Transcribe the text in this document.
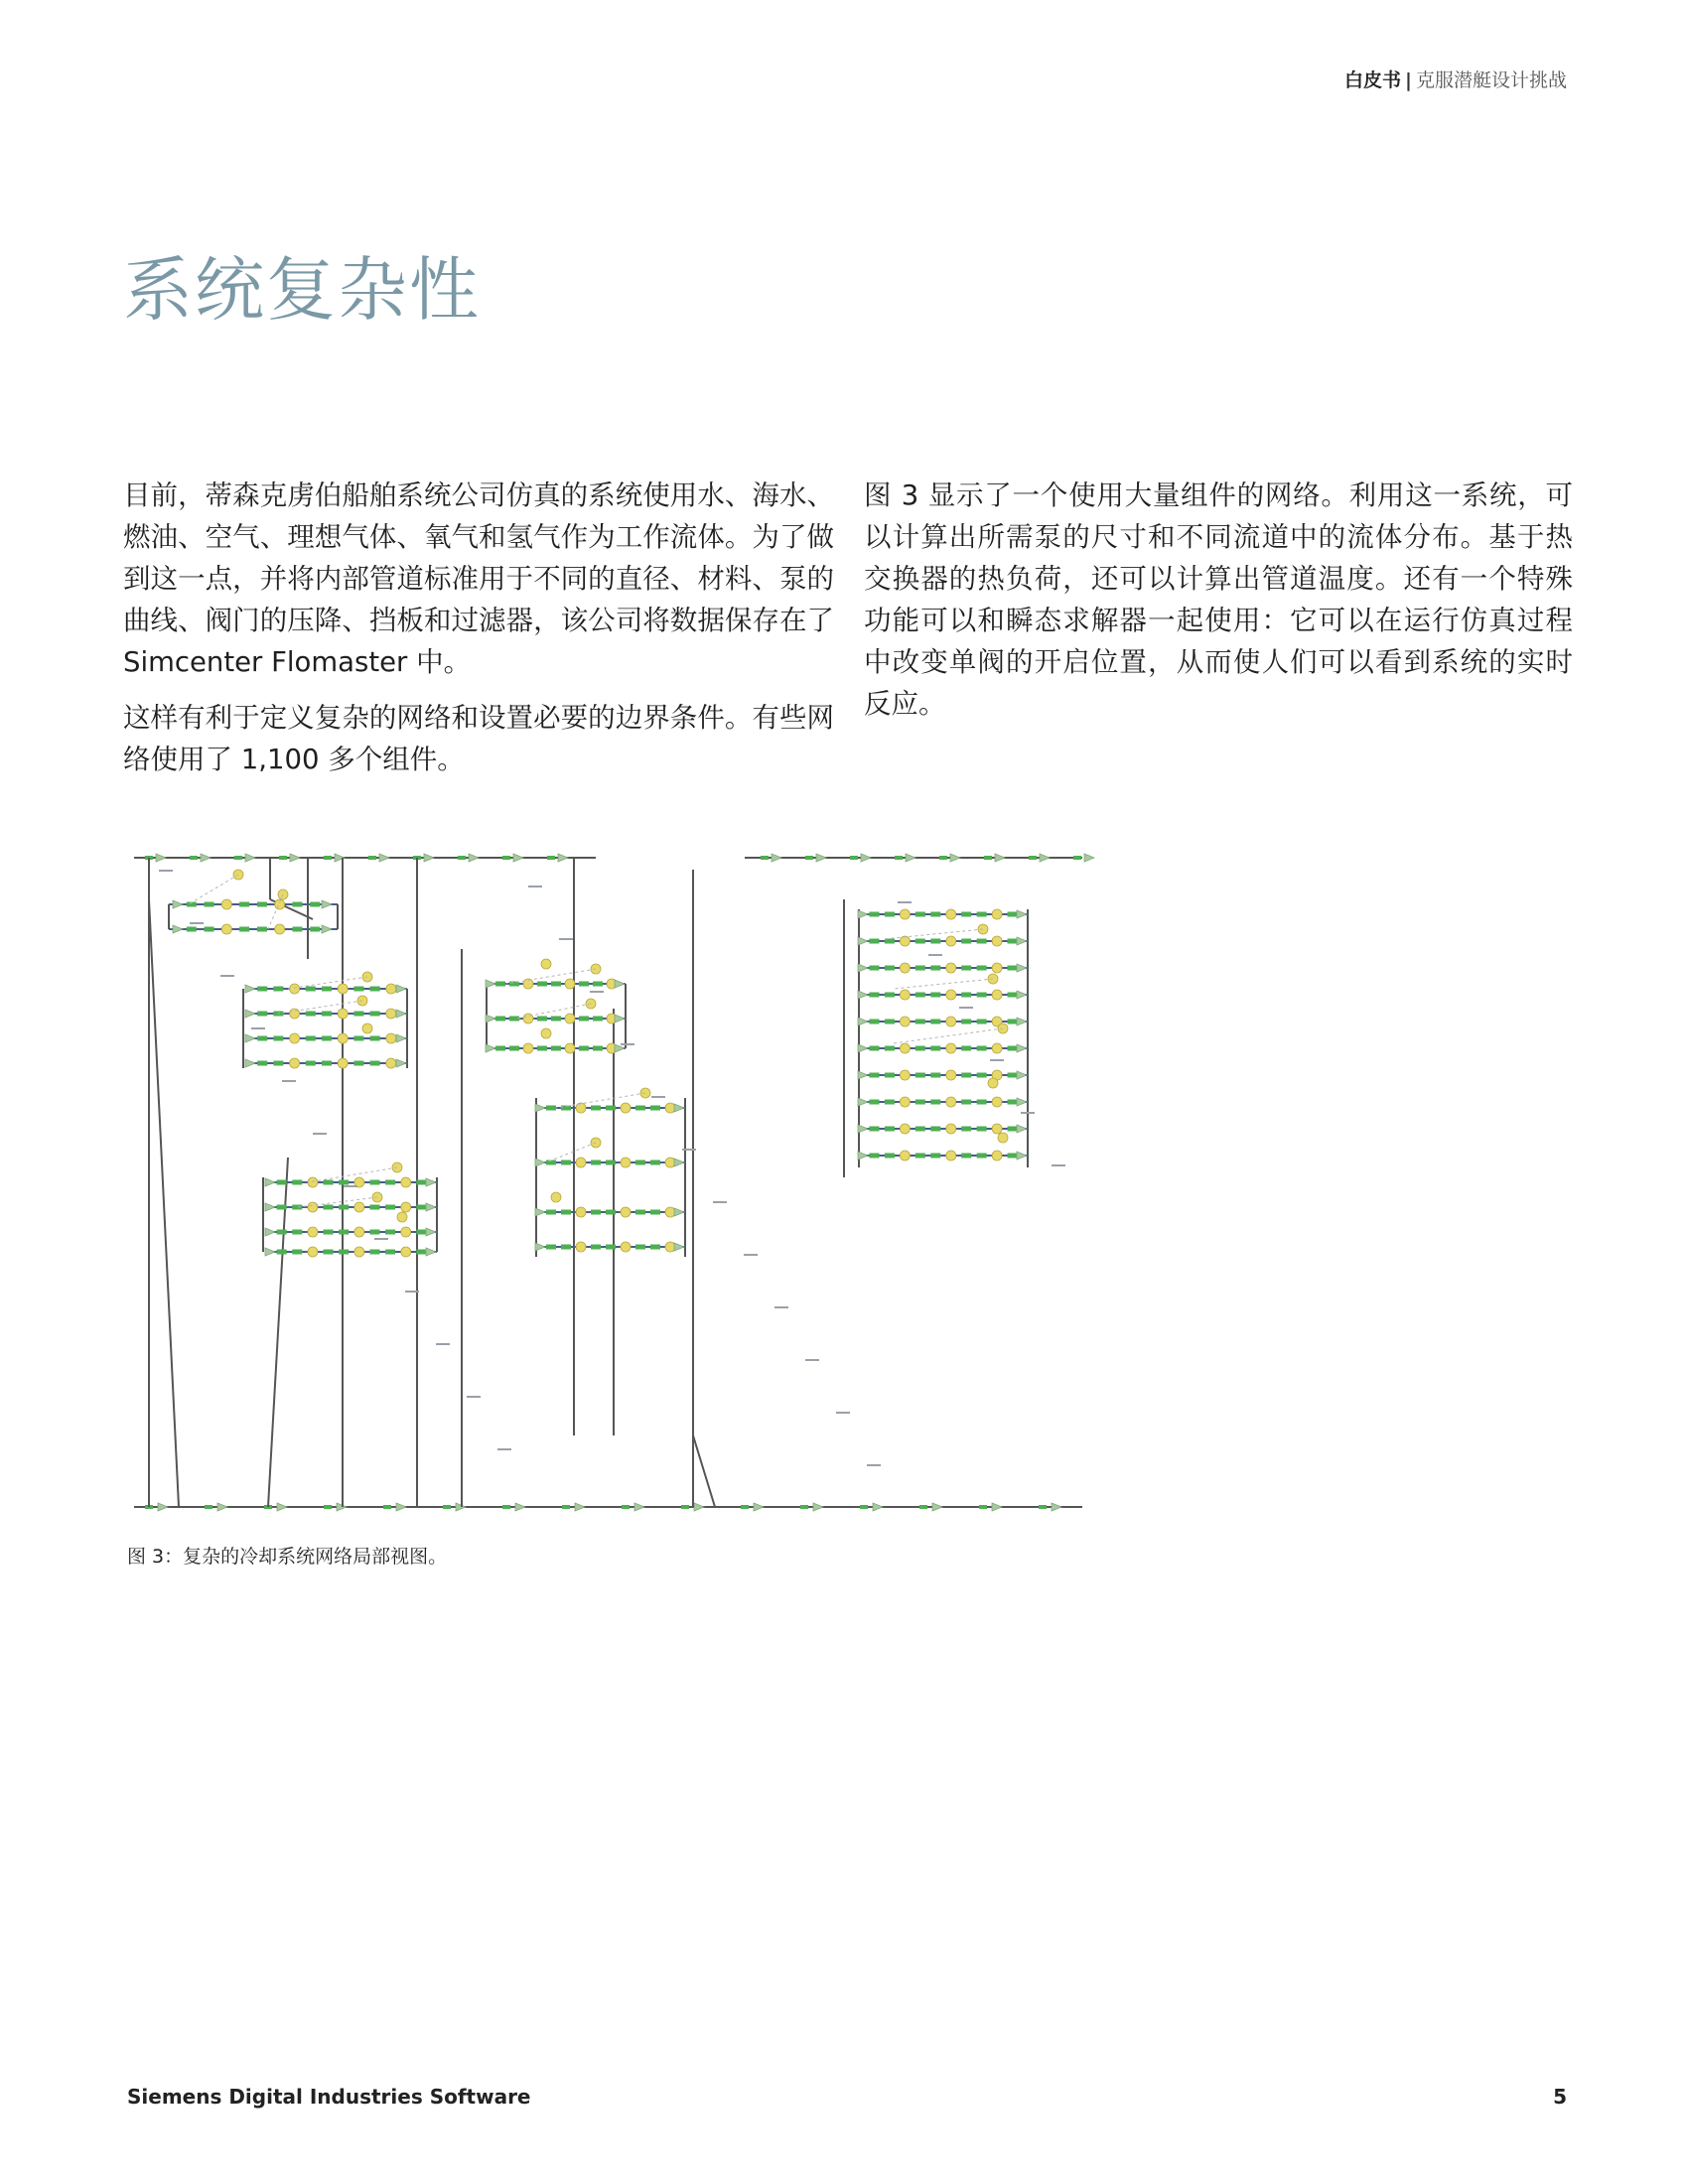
白皮书 | 克服潜艇设计挑战
系统复杂性

目前，蒂森克虏伯船舶系统公司仿真的系统使用水、海水、燃油、空气、理想气体、氧气和氢气作为工作流体。为了做到这一点，并将内部管道标准用于不同的直径、材料、泵的曲线、阀门的压降、挡板和过滤器，该公司将数据保存在了 Simcenter Flomaster 中。

这样有利于定义复杂的网络和设置必要的边界条件。有些网络使用了 1,100 多个组件。

图 3 显示了一个使用大量组件的网络。利用这一系统，可以计算出所需泵的尺寸和不同流道中的流体分布。基于热交换器的热负荷，还可以计算出管道温度。还有一个特殊功能可以和瞬态求解器一起使用：它可以在运行仿真过程中改变单阀的开启位置，从而使人们可以看到系统的实时反应。

图 3：复杂的冷却系统网络局部视图。
Siemens Digital Industries Software	5
